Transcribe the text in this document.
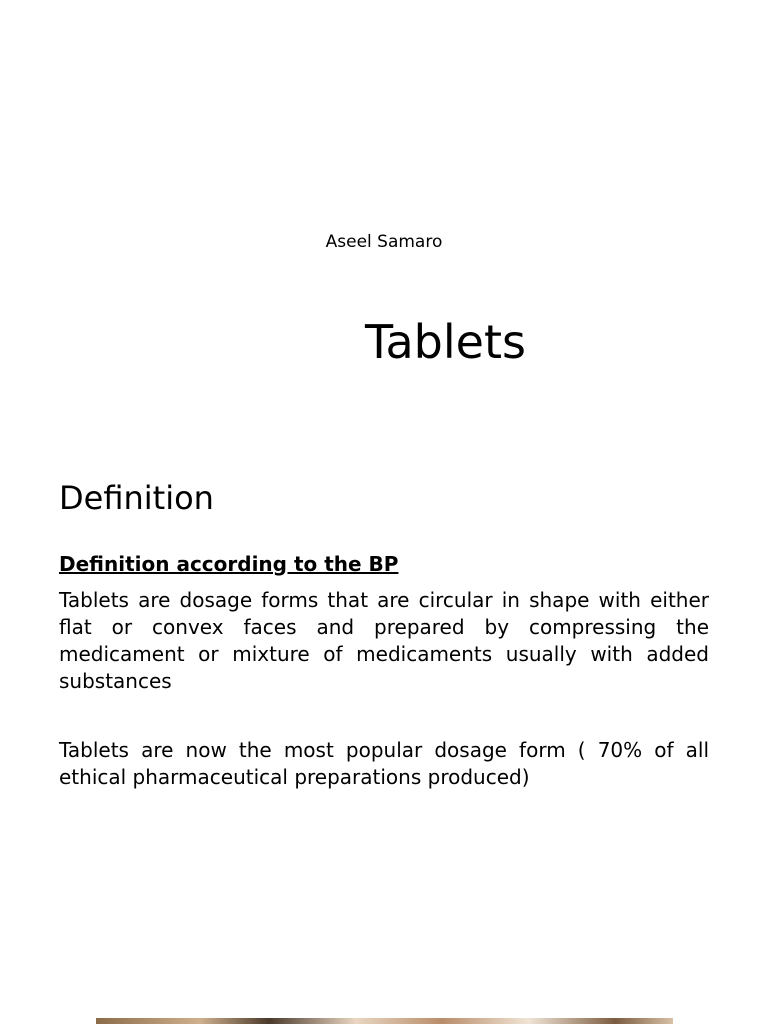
Aseel Samaro
Tablets
Definition
Definition according to the BP
Tablets are dosage forms that are circular in shape with either flat or convex faces and prepared by compressing the medicament or mixture of medicaments usually with added substances
Tablets are now the most popular dosage form ( 70% of all ethical pharmaceutical preparations produced)
